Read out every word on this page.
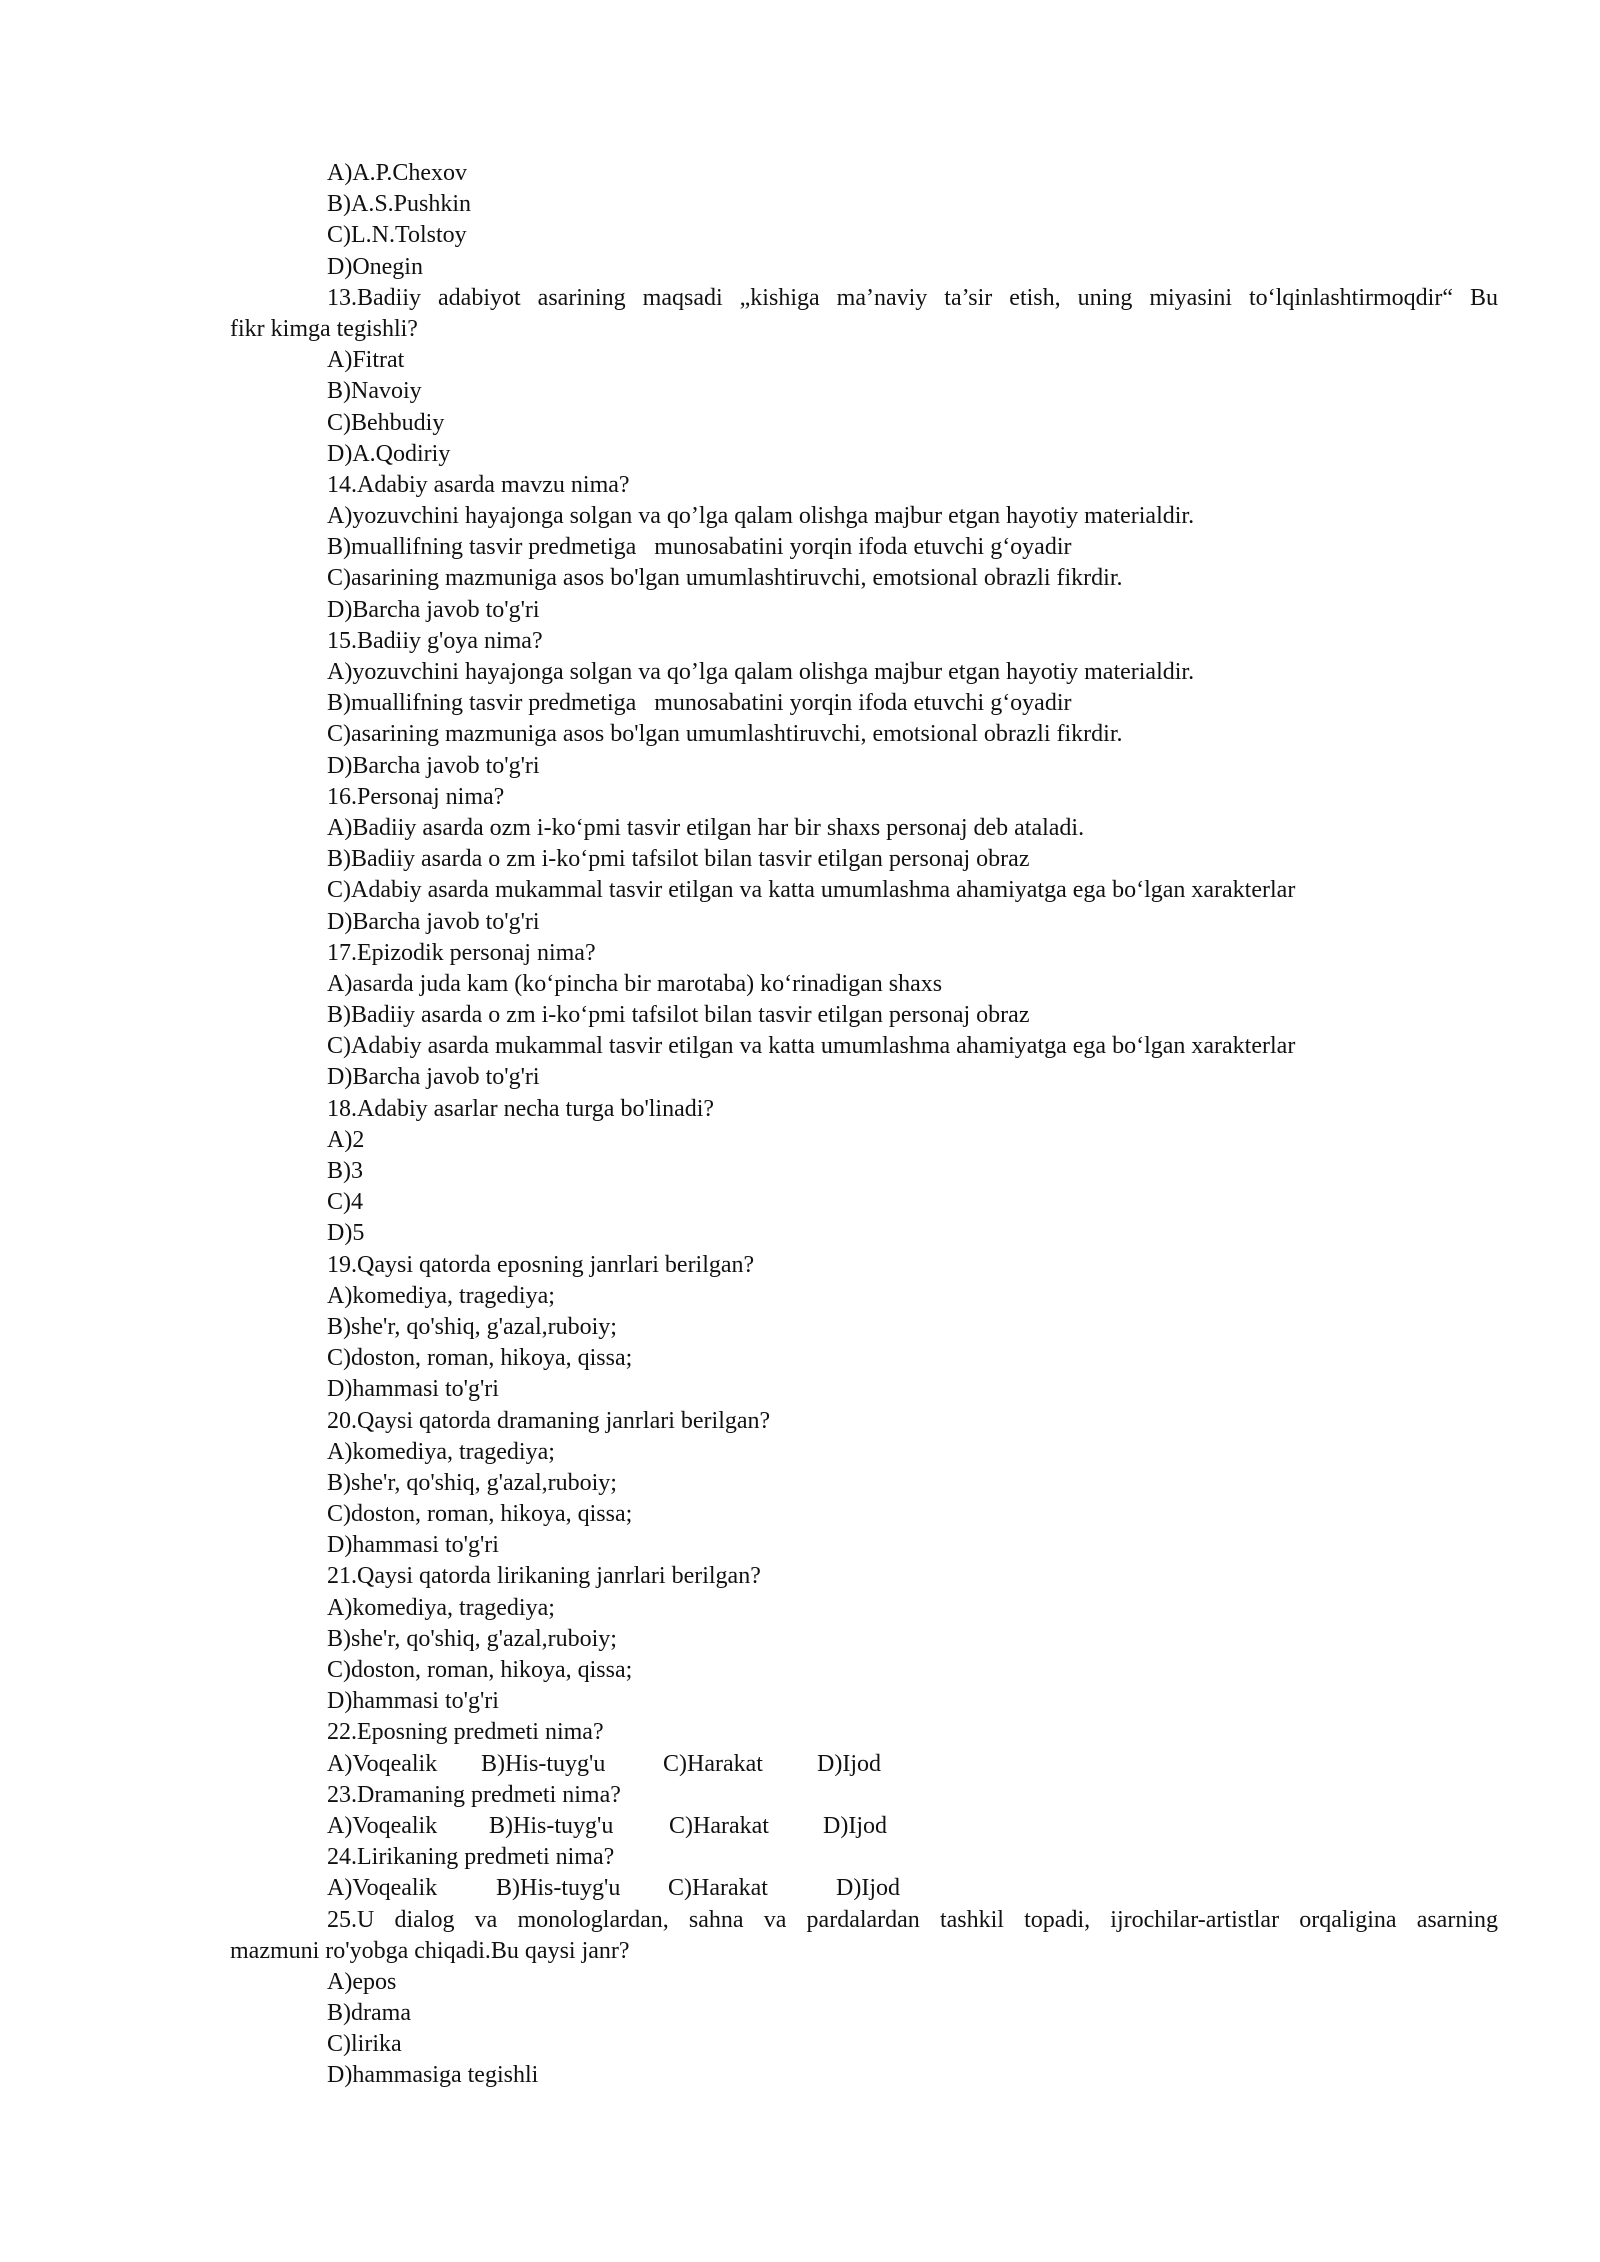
A)A.P.Chexov

B)A.S.Pushkin

C)L.N.Tolstoy

D)Onegin

13.Badiiy adabiyot asarining maqsadi „kishiga ma’naviy ta’sir etish, uning miyasini to‘lqinlashtirmoqdir“ Bu

fikr kimga tegishli?

A)Fitrat

B)Navoiy

C)Behbudiy

D)A.Qodiriy

14.Adabiy asarda mavzu nima?

A)yozuvchini hayajonga solgan va qo’lga qalam olishga majbur etgan hayotiy materialdir.

B)muallifning tasvir predmetiga   munosabatini yorqin ifoda etuvchi g‘oyadir

C)asarining mazmuniga asos bo'lgan umumlashtiruvchi, emotsional obrazli fikrdir.

D)Barcha javob to'g'ri

15.Badiiy g'oya nima?

A)yozuvchini hayajonga solgan va qo’lga qalam olishga majbur etgan hayotiy materialdir.

B)muallifning tasvir predmetiga   munosabatini yorqin ifoda etuvchi g‘oyadir

C)asarining mazmuniga asos bo'lgan umumlashtiruvchi, emotsional obrazli fikrdir.

D)Barcha javob to'g'ri

16.Personaj nima?

A)Badiiy asarda ozm i-ko‘pmi tasvir etilgan har bir shaxs personaj deb ataladi.

B)Badiiy asarda o zm i-ko‘pmi tafsilot bilan tasvir etilgan personaj obraz

C)Adabiy asarda mukammal tasvir etilgan va katta umumlashma ahamiyatga ega bo‘lgan xarakterlar

D)Barcha javob to'g'ri

17.Epizodik personaj nima?

A)asarda juda kam (ko‘pincha bir marotaba) ko‘rinadigan shaxs

B)Badiiy asarda o zm i-ko‘pmi tafsilot bilan tasvir etilgan personaj obraz

C)Adabiy asarda mukammal tasvir etilgan va katta umumlashma ahamiyatga ega bo‘lgan xarakterlar

D)Barcha javob to'g'ri

18.Adabiy asarlar necha turga bo'linadi?

A)2

B)3

C)4

D)5

19.Qaysi qatorda eposning janrlari berilgan?

A)komediya, tragediya;

B)she'r, qo'shiq, g'azal,ruboiy;

C)doston, roman, hikoya, qissa;

D)hammasi to'g'ri

20.Qaysi qatorda dramaning janrlari berilgan?

A)komediya, tragediya;

B)she'r, qo'shiq, g'azal,ruboiy;

C)doston, roman, hikoya, qissa;

D)hammasi to'g'ri

21.Qaysi qatorda lirikaning janrlari berilgan?

A)komediya, tragediya;

B)she'r, qo'shiq, g'azal,ruboiy;

C)doston, roman, hikoya, qissa;

D)hammasi to'g'ri

22.Eposning predmeti nima?

A)Voqealik	B)His-tuyg'u	C)Harakat	D)Ijod

23.Dramaning predmeti nima?

A)Voqealik	B)His-tuyg'u	C)Harakat	D)Ijod

24.Lirikaning predmeti nima?

A)Voqealik	B)His-tuyg'u	C)Harakat	D)Ijod

25.U dialog va monologlardan, sahna va pardalardan tashkil topadi, ijrochilar-artistlar orqaligina asarning

mazmuni ro'yobga chiqadi.Bu qaysi janr?

A)epos

B)drama

C)lirika

D)hammasiga tegishli
